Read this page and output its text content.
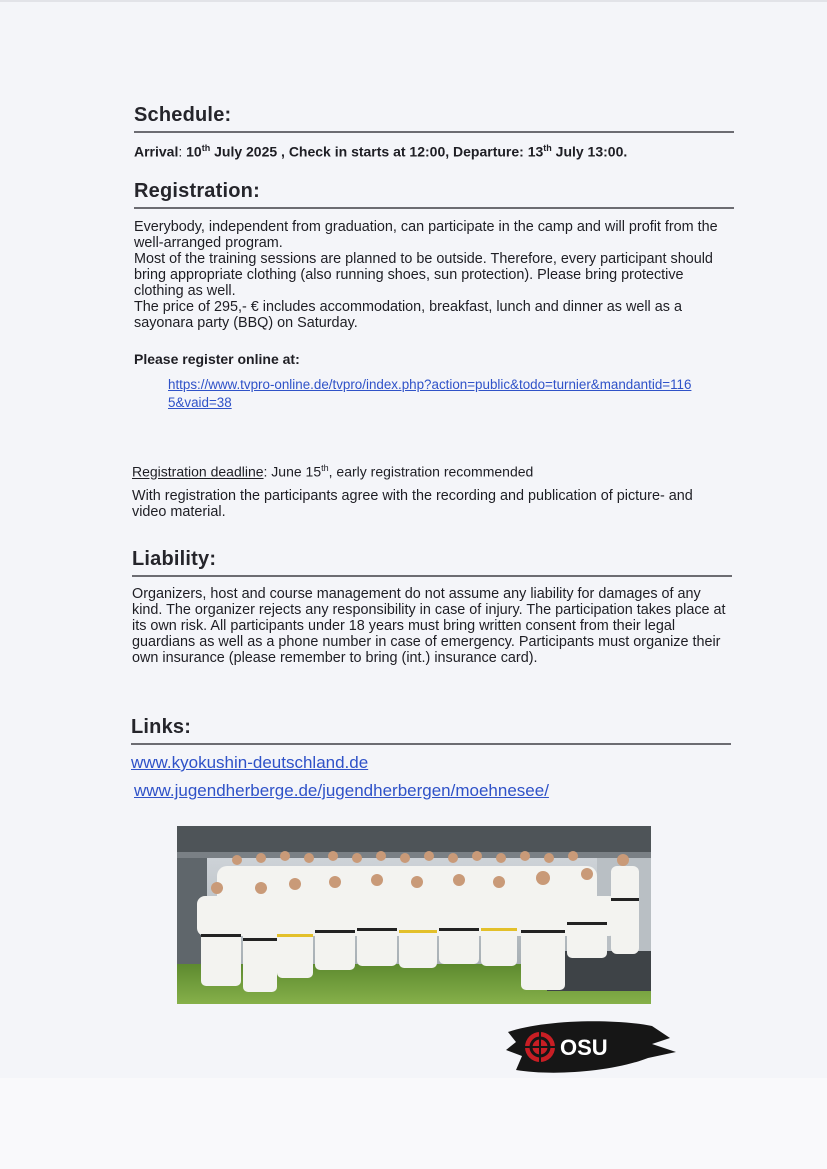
Schedule:
Arrival: 10th July 2025 , Check in starts at 12:00, Departure: 13th July 13:00.
Registration:

Everybody, independent from graduation, can participate in the camp and will profit from the well-arranged program.

Most of the training sessions are planned to be outside. Therefore, every participant should bring appropriate clothing (also running shoes, sun protection). Please bring protective clothing as well.

The price of 295,- € includes accommodation, breakfast, lunch and dinner as well as a sayonara party (BBQ) on Saturday.

Please register online at:
https://www.tvpro-online.de/tvpro/index.php?action=public&todo=turnier&mandantid=1165&vaid=38
Registration deadline: June 15th, early registration recommended

With registration the participants agree with the recording and publication of picture- and video material.

Liability:

Organizers, host and course management do not assume any liability for damages of any kind. The organizer rejects any responsibility in case of injury. The participation takes place at its own risk. All participants under 18 years must bring written consent from their legal guardians as well as a phone number in case of emergency. Participants must organize their own insurance (please remember to bring (int.) insurance card).

Links:
www.kyokushin-deutschland.de
www.jugendherberge.de/jugendherbergen/moehnesee/
OSU
